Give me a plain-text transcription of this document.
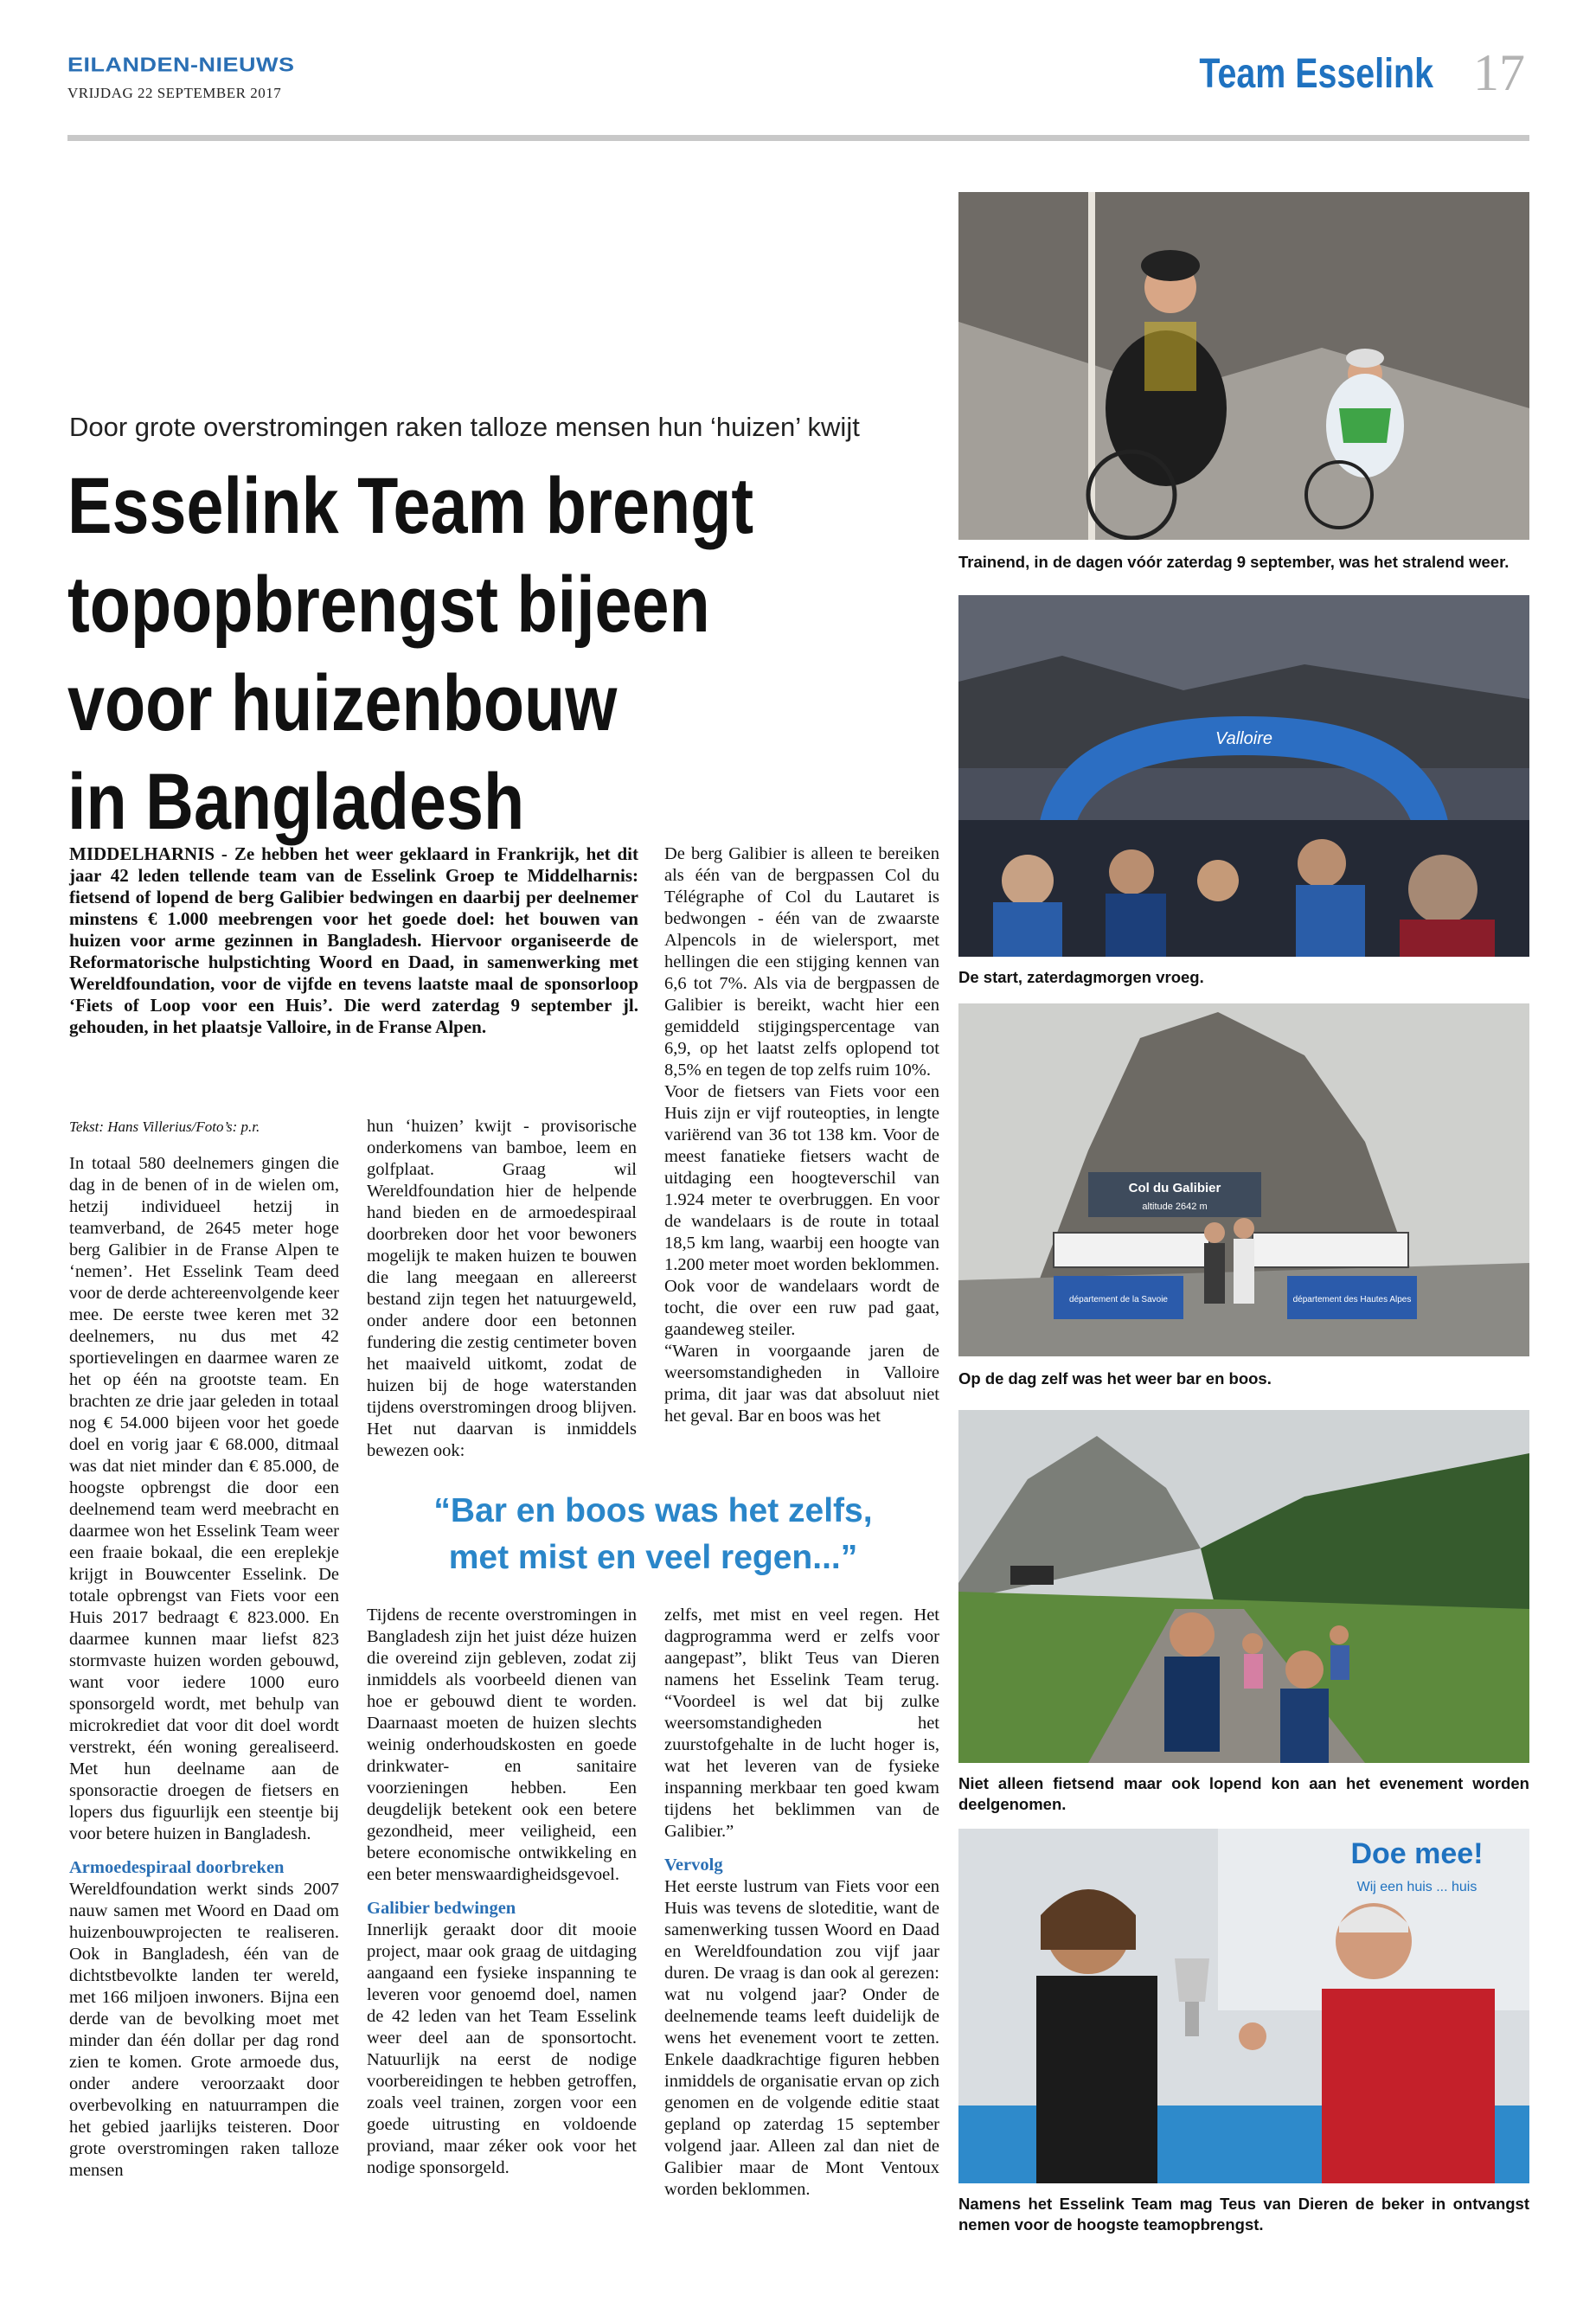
EILANDEN-NIEUWS
VRIJDAG 22 SEPTEMBER 2017	Team Esselink 17
Door grote overstromingen raken talloze mensen hun ‘huizen’ kwijt
Esselink Team brengt
topopbrengst bijeen
voor huizenbouw
in Bangladesh
MIDDELHARNIS - Ze hebben het weer geklaard in Frankrijk, het dit jaar 42 leden tellende team van de Esselink Groep te Middelharnis: fietsend of lopend de berg Galibier bedwingen en daarbij per deelnemer minstens € 1.000 meebrengen voor het goede doel: het bouwen van huizen voor arme gezinnen in Bangladesh. Hiervoor organiseerde de Reformatorische hulpstichting Woord en Daad, in samenwerking met Wereldfoundation, voor de vijfde en tevens laatste maal de sponsorloop ‘Fiets of Loop voor een Huis’. Die werd zaterdag 9 september jl. gehouden, in het plaatsje Valloire, in de Franse Alpen.

Tekst: Hans Villerius/Foto’s: p.r.

In totaal 580 deelnemers gingen die dag in de benen of in de wielen om, hetzij individueel hetzij in teamverband, de 2645 meter hoge berg Galibier in de Franse Alpen te ‘nemen’. Het Esselink Team deed voor de derde achtereenvolgende keer mee. De eerste twee keren met 32 deelnemers, nu dus met 42 sportievelingen en daarmee waren ze het op één na grootste team. En brachten ze drie jaar geleden in totaal nog € 54.000 bijeen voor het goede doel en vorig jaar € 68.000, ditmaal was dat niet minder dan € 85.000, de hoogste opbrengst die door een deelnemend team werd meebracht en daarmee won het Esselink Team weer een fraaie bokaal, die een ereplekje krijgt in Bouwcenter Esselink. De totale opbrengst van Fiets voor een Huis 2017 bedraagt € 823.000. En daarmee kunnen maar liefst 823 stormvaste huizen worden gebouwd, want voor iedere 1000 euro sponsorgeld wordt, met behulp van microkrediet dat voor dit doel wordt verstrekt, één woning gerealiseerd. Met hun deelname aan de sponsoractie droegen de fietsers en lopers dus figuurlijk een steentje bij voor betere huizen in Bangladesh.

Armoedespiraal doorbreken

Wereldfoundation werkt sinds 2007 nauw samen met Woord en Daad om huizenbouwprojecten te realiseren. Ook in Bangladesh, één van de dichtstbevolkte landen ter wereld, met 166 miljoen inwoners. Bijna een derde van de bevolking moet met minder dan één dollar per dag rond zien te komen. Grote armoede dus, onder andere veroorzaakt door overbevolking en natuurrampen die het gebied jaarlijks teisteren. Door grote overstromingen raken talloze mensen

hun ‘huizen’ kwijt - provisorische onderkomens van bamboe, leem en golfplaat. Graag wil Wereldfoundation hier de helpende hand bieden en de armoedespiraal doorbreken door het voor bewoners mogelijk te maken huizen te bouwen die lang meegaan en allereerst bestand zijn tegen het natuurgeweld, onder andere door een betonnen fundering die zestig centimeter boven het maaiveld uitkomt, zodat de huizen bij de hoge waterstanden tijdens overstromingen droog blijven. Het nut daarvan is inmiddels bewezen ook:

“Bar en boos was het zelfs,
met mist en veel regen...”

Tijdens de recente overstromingen in Bangladesh zijn het juist déze huizen die overeind zijn gebleven, zodat zij inmiddels als voorbeeld dienen van hoe er gebouwd dient te worden. Daarnaast moeten de huizen slechts weinig onderhoudskosten en goede drinkwater- en sanitaire voorzieningen hebben. Een deugdelijk betekent ook een betere gezondheid, meer veiligheid, een betere economische ontwikkeling en een beter menswaardigheidsgevoel.

Galibier bedwingen

Innerlijk geraakt door dit mooie project, maar ook graag de uitdaging aangaand een fysieke inspanning te leveren voor genoemd doel, namen de 42 leden van het Team Esselink weer deel aan de sponsortocht. Natuurlijk na eerst de nodige voorbereidingen te hebben getroffen, zoals veel trainen, zorgen voor een goede uitrusting en voldoende proviand, maar zéker ook voor het nodige sponsorgeld.

De berg Galibier is alleen te bereiken als één van de bergpassen Col du Télégraphe of Col du Lautaret is bedwongen - één van de zwaarste Alpencols in de wielersport, met hellingen die een stijging kennen van 6,6 tot 7%. Als via de bergpassen de Galibier is bereikt, wacht hier een gemiddeld stijgingspercentage van 6,9, op het laatst zelfs oplopend tot 8,5% en tegen de top zelfs ruim 10%.

Voor de fietsers van Fiets voor een Huis zijn er vijf routeopties, in lengte variërend van 36 tot 138 km. Voor de meest fanatieke fietsers wacht de uitdaging een hoogteverschil van 1.924 meter te overbruggen. En voor de wandelaars is de route in totaal 18,5 km lang, waarbij een hoogte van 1.200 meter moet worden beklommen. Ook voor de wandelaars wordt de tocht, die over een ruw pad gaat, gaandeweg steiler.

“Waren in voorgaande jaren de weersomstandigheden in Valloire prima, dit jaar was dat absoluut niet het geval. Bar en boos was het

zelfs, met mist en veel regen. Het dagprogramma werd er zelfs voor aangepast”, blikt Teus van Dieren namens het Esselink Team terug. “Voordeel is wel dat bij zulke weersomstandigheden het zuurstofgehalte in de lucht hoger is, wat het leveren van de fysieke inspanning merkbaar ten goed kwam tijdens het beklimmen van de Galibier.”

Vervolg

Het eerste lustrum van Fiets voor een Huis was tevens de sloteditie, want de samenwerking tussen Woord en Daad en Wereldfoundation zou vijf jaar duren. De vraag is dan ook al gerezen: wat nu volgend jaar? Onder de deelnemende teams leeft duidelijk de wens het evenement voort te zetten. Enkele daadkrachtige figuren hebben inmiddels de organisatie ervan op zich genomen en de volgende editie staat gepland op zaterdag 15 september volgend jaar. Alleen zal dan niet de Galibier maar de Mont Ventoux worden beklommen.

Trainend, in de dagen vóór zaterdag 9 september, was het stralend weer.
Valloire
De start, zaterdagmorgen vroeg.
Col du Galibier
altitude 2642 m
département de la Savoie	département des Hautes Alpes
Op de dag zelf was het weer bar en boos.
Niet alleen fietsend maar ook lopend kon aan het evenement worden deelgenomen.
Doe mee!
Wij een huis ... huis
Namens het Esselink Team mag Teus van Dieren de beker in ontvangst nemen voor de hoogste teamopbrengst.
